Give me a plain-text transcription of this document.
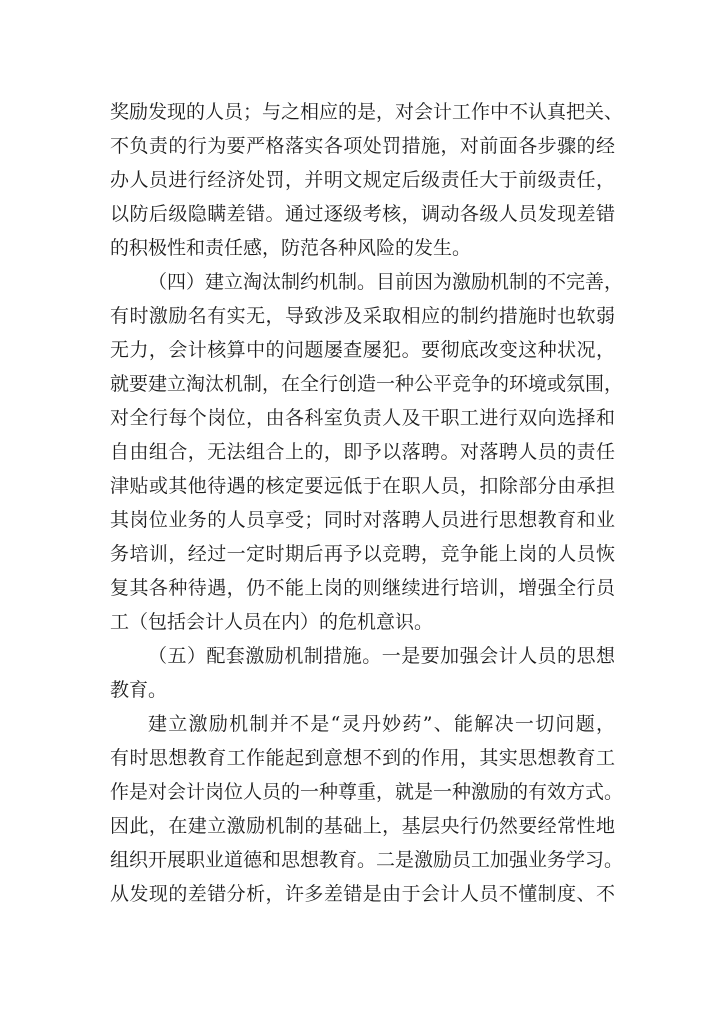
奖励发现的人员；与之相应的是，对会计工作中不认真把关、
不负责的行为要严格落实各项处罚措施，对前面各步骤的经
办人员进行经济处罚，并明文规定后级责任大于前级责任，
以防后级隐瞒差错。通过逐级考核，调动各级人员发现差错
的积极性和责任感，防范各种风险的发生。
（四）建立淘汰制约机制。目前因为激励机制的不完善，
有时激励名有实无，导致涉及采取相应的制约措施时也软弱
无力，会计核算中的问题屡查屡犯。要彻底改变这种状况，
就要建立淘汰机制，在全行创造一种公平竞争的环境或氛围，
对全行每个岗位，由各科室负责人及干职工进行双向选择和
自由组合，无法组合上的，即予以落聘。对落聘人员的责任
津贴或其他待遇的核定要远低于在职人员，扣除部分由承担
其岗位业务的人员享受；同时对落聘人员进行思想教育和业
务培训，经过一定时期后再予以竞聘，竞争能上岗的人员恢
复其各种待遇，仍不能上岗的则继续进行培训，增强全行员
工（包括会计人员在内）的危机意识。
（五）配套激励机制措施。一是要加强会计人员的思想
教育。
建立激励机制并不是“灵丹妙药”、能解决一切问题，
有时思想教育工作能起到意想不到的作用，其实思想教育工
作是对会计岗位人员的一种尊重，就是一种激励的有效方式。
因此，在建立激励机制的基础上，基层央行仍然要经常性地
组织开展职业道德和思想教育。二是激励员工加强业务学习。
从发现的差错分析，许多差错是由于会计人员不懂制度、不
